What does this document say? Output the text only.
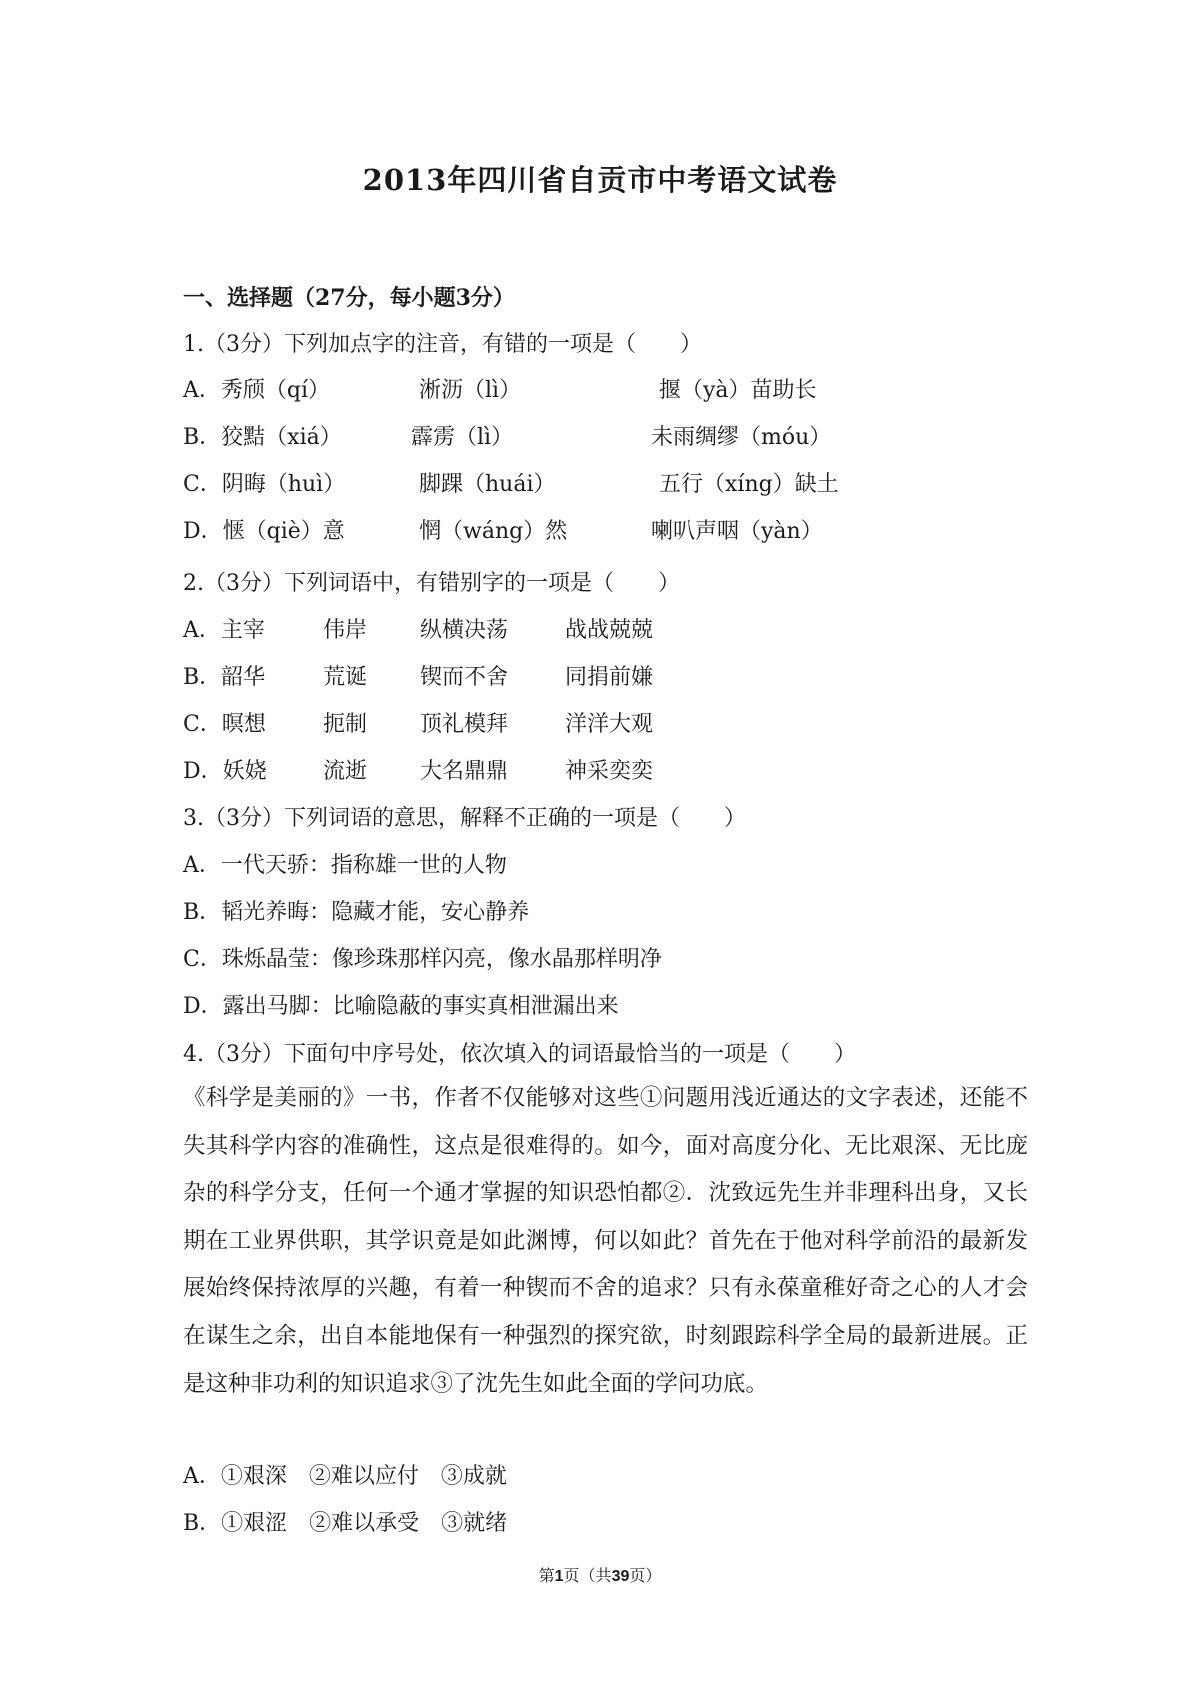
2013年四川省自贡市中考语文试卷
一、选择题（27分，每小题3分）
1.（3分）下列加点字的注音，有错的一项是（　　）
A．秀颀（qí）	淅沥（lì）	揠（yà）苗助长
B．狡黠（xiá）	霹雳（lì）	未雨绸缪（móu）
C．阴晦（huì）	脚踝（huái）	五行（xíng）缺土
D．惬（qiè）意	惘（wáng）然	喇叭声咽（yàn）
2.（3分）下列词语中，有错别字的一项是（　　）
A．主宰	伟岸 纵横决荡	战战兢兢
B．韶华	荒诞 锲而不舍	同捐前嫌
C．暝想	扼制 顶礼模拜	洋洋大观
D．妖娆	流逝 大名鼎鼎	神采奕奕
3.（3分）下列词语的意思，解释不正确的一项是（　　）
A．一代天骄：指称雄一世的人物
B．韬光养晦：隐藏才能，安心静养
C．珠烁晶莹：像珍珠那样闪亮，像水晶那样明净
D．露出马脚：比喻隐蔽的事实真相泄漏出来
4.（3分）下面句中序号处，依次填入的词语最恰当的一项是（　　）
《科学是美丽的》一书，作者不仅能够对这些①问题用浅近通达的文字表述，还能不失其科学内容的准确性，这点是很难得的。如今，面对高度分化、无比艰深、无比庞杂的科学分支，任何一个通才掌握的知识恐怕都②．沈致远先生并非理科出身，又长期在工业界供职，其学识竟是如此渊博，何以如此？首先在于他对科学前沿的最新发展始终保持浓厚的兴趣，有着一种锲而不舍的追求？只有永葆童稚好奇之心的人才会在谋生之余，出自本能地保有一种强烈的探究欲，时刻跟踪科学全局的最新进展。正是这种非功利的知识追求③了沈先生如此全面的学问功底。
A．①艰深　②难以应付　③成就
B．①艰涩　②难以承受　③就绪
第1页（共39页）
